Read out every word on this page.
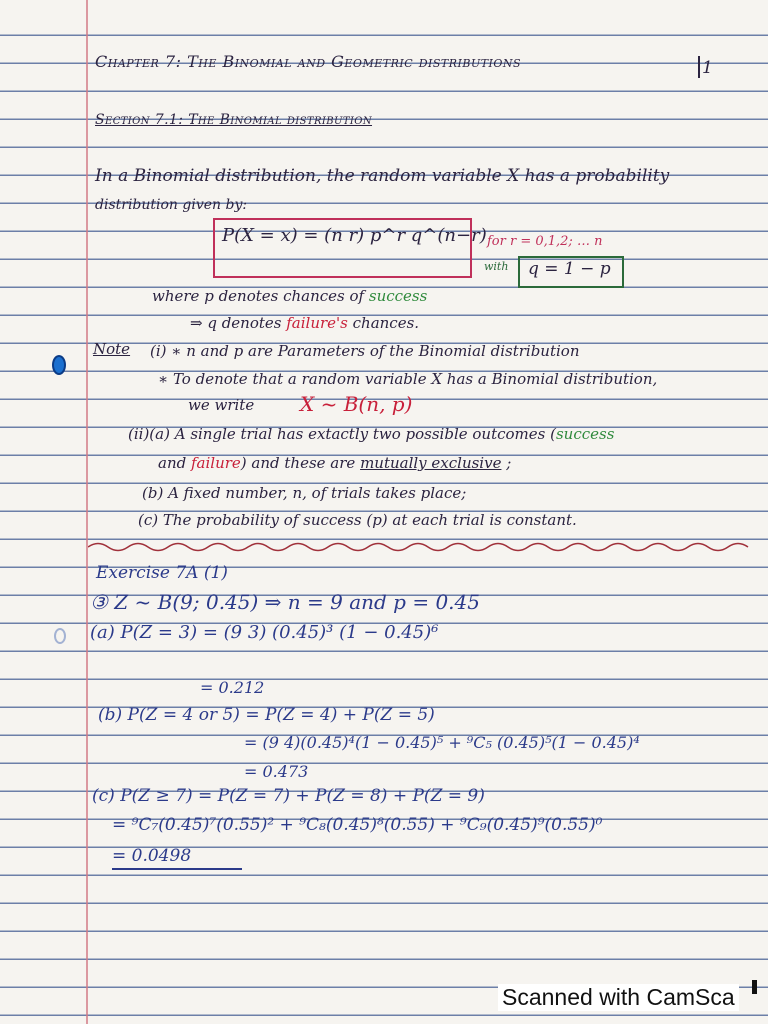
Chapter 7: The Binomial and Geometric distributions	1
Section 7.1: The Binomial distribution
In a Binomial distribution, the random variable X has a probability
distribution given by:
P(X = x) = (n r) p^r q^(n−r) for r = 0,1,2; … n
with q = 1 − p
where p denotes chances of success
⇒ q denotes failure's chances.
Note (i) ∗ n and p are Parameters of the Binomial distribution
∗ To denote that a random variable X has a Binomial distribution,
we write X ~ B(n, p)
(ii)(a) A single trial has extactly two possible outcomes (success
and failure) and these are mutually exclusive ;
(b) A fixed number, n, of trials takes place;
(c) The probability of success (p) at each trial is constant.
Exercise 7A (1)
③ Z ~ B(9; 0.45) ⇒ n = 9 and p = 0.45
(a) P(Z = 3) = (9 3) (0.45)³ (1 − 0.45)⁶
= 0.212
(b) P(Z = 4 or 5) = P(Z = 4) + P(Z = 5)
= (9 4)(0.45)⁴(1 − 0.45)⁵ + ⁹C₅ (0.45)⁵(1 − 0.45)⁴
= 0.473
(c) P(Z ≥ 7) = P(Z = 7) + P(Z = 8) + P(Z = 9)
= ⁹C₇(0.45)⁷(0.55)² + ⁹C₈(0.45)⁸(0.55) + ⁹C₉(0.45)⁹(0.55)⁰
= 0.0498
Scanned with CamSca
